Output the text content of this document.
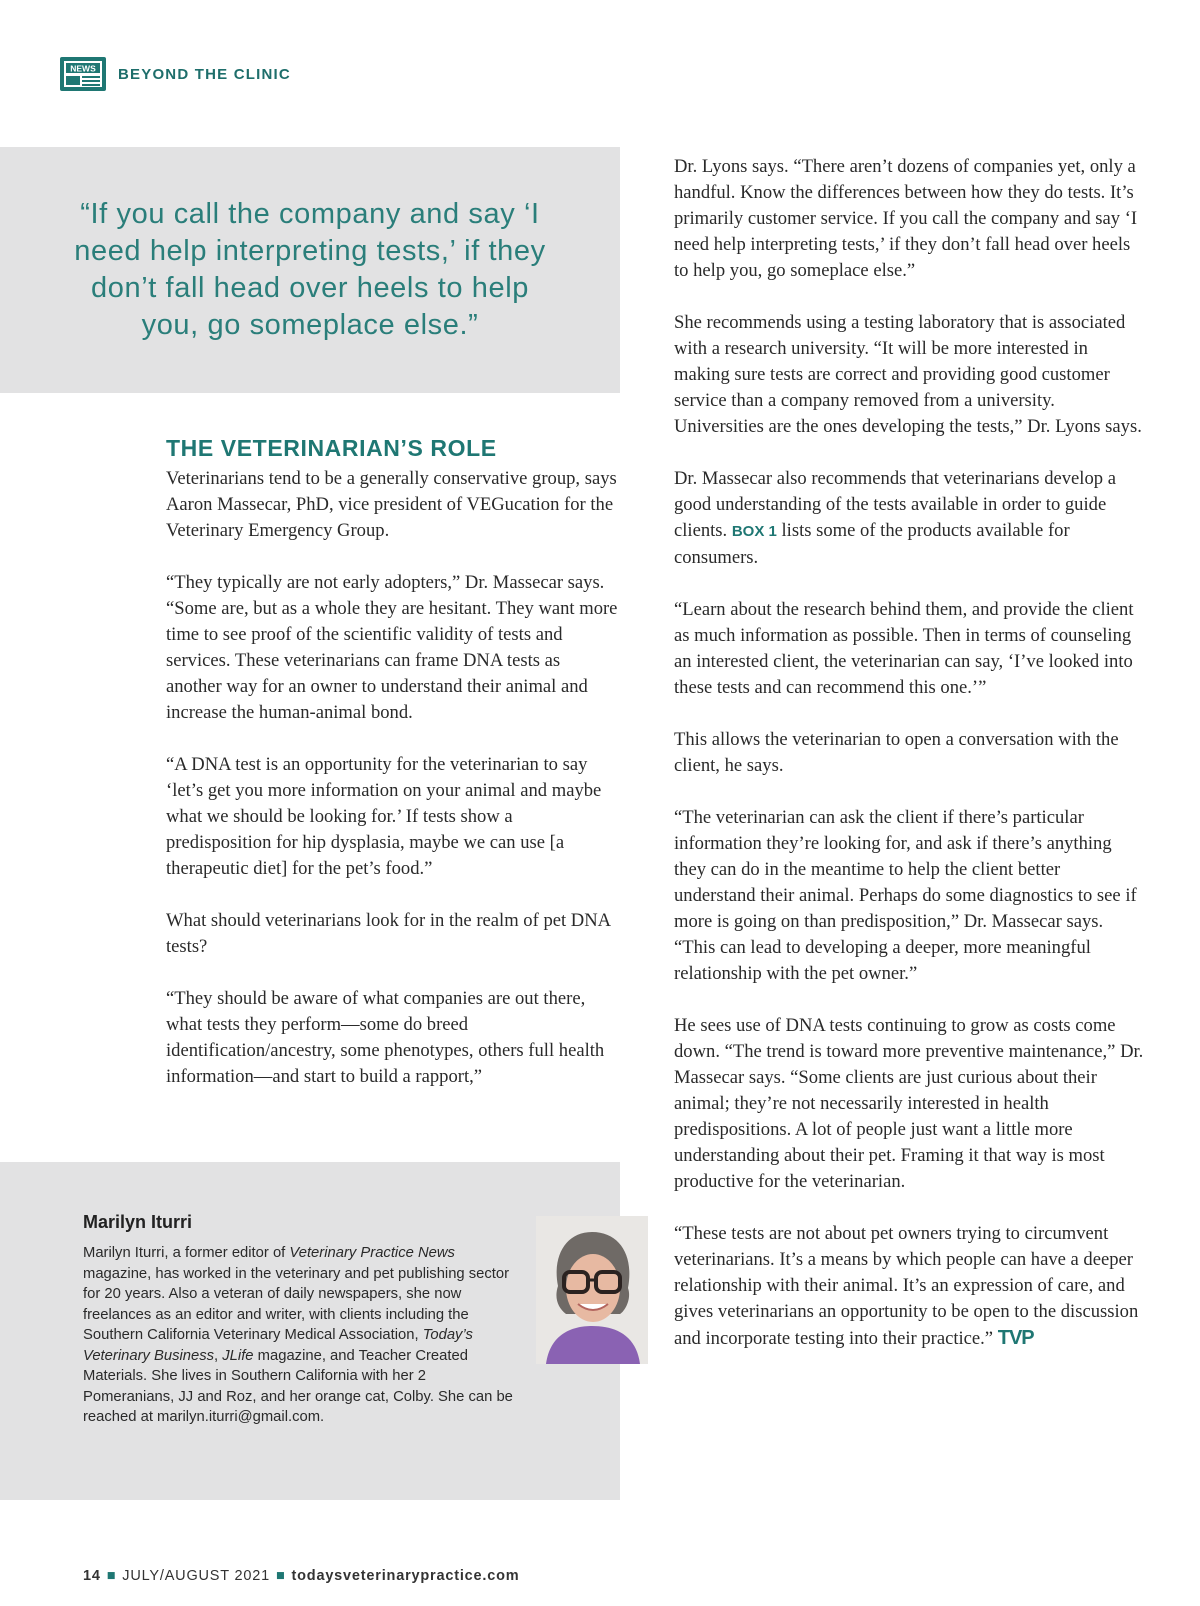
NEWS BEYOND THE CLINIC

“If you call the company and say ‘I need help interpreting tests,’ if they don’t fall head over heels to help you, go someplace else.”

THE VETERINARIAN’S ROLE

Veterinarians tend to be a generally conservative group, says Aaron Massecar, PhD, vice president of VEGucation for the Veterinary Emergency Group.

“They typically are not early adopters,” Dr. Massecar says. “Some are, but as a whole they are hesitant. They want more time to see proof of the scientific validity of tests and services. These veterinarians can frame DNA tests as another way for an owner to understand their animal and increase the human-animal bond.

“A DNA test is an opportunity for the veterinarian to say ‘let’s get you more information on your animal and maybe what we should be looking for.’ If tests show a predisposition for hip dysplasia, maybe we can use [a therapeutic diet] for the pet’s food.”

What should veterinarians look for in the realm of pet DNA tests?

“They should be aware of what companies are out there, what tests they perform—some do breed identification/ancestry, some phenotypes, others full health information—and start to build a rapport,”

Dr. Lyons says. “There aren’t dozens of companies yet, only a handful. Know the differences between how they do tests. It’s primarily customer service. If you call the company and say ‘I need help interpreting tests,’ if they don’t fall head over heels to help you, go someplace else.”

She recommends using a testing laboratory that is associated with a research university. “It will be more interested in making sure tests are correct and providing good customer service than a company removed from a university. Universities are the ones developing the tests,” Dr. Lyons says.

Dr. Massecar also recommends that veterinarians develop a good understanding of the tests available in order to guide clients. BOX 1 lists some of the products available for consumers.

“Learn about the research behind them, and provide the client as much information as possible. Then in terms of counseling an interested client, the veterinarian can say, ‘I’ve looked into these tests and can recommend this one.’”

This allows the veterinarian to open a conversation with the client, he says.

“The veterinarian can ask the client if there’s particular information they’re looking for, and ask if there’s anything they can do in the meantime to help the client better understand their animal. Perhaps do some diagnostics to see if more is going on than predisposition,” Dr. Massecar says. “This can lead to developing a deeper, more meaningful relationship with the pet owner.”

He sees use of DNA tests continuing to grow as costs come down. “The trend is toward more preventive maintenance,” Dr. Massecar says. “Some clients are just curious about their animal; they’re not necessarily interested in health predispositions. A lot of people just want a little more understanding about their pet. Framing it that way is most productive for the veterinarian.

“These tests are not about pet owners trying to circumvent veterinarians. It’s a means by which people can have a deeper relationship with their animal. It’s an expression of care, and gives veterinarians an opportunity to be open to the discussion and incorporate testing into their practice.” TVP

Marilyn Iturri

Marilyn Iturri, a former editor of Veterinary Practice News magazine, has worked in the veterinary and pet publishing sector for 20 years. Also a veteran of daily newspapers, she now freelances as an editor and writer, with clients including the Southern California Veterinary Medical Association, Today’s Veterinary Business, JLife magazine, and Teacher Created Materials. She lives in Southern California with her 2 Pomeranians, JJ and Roz, and her orange cat, Colby. She can be reached at marilyn.iturri@gmail.com.

14 ■ JULY/AUGUST 2021 ■ todaysveterinarypractice.com
